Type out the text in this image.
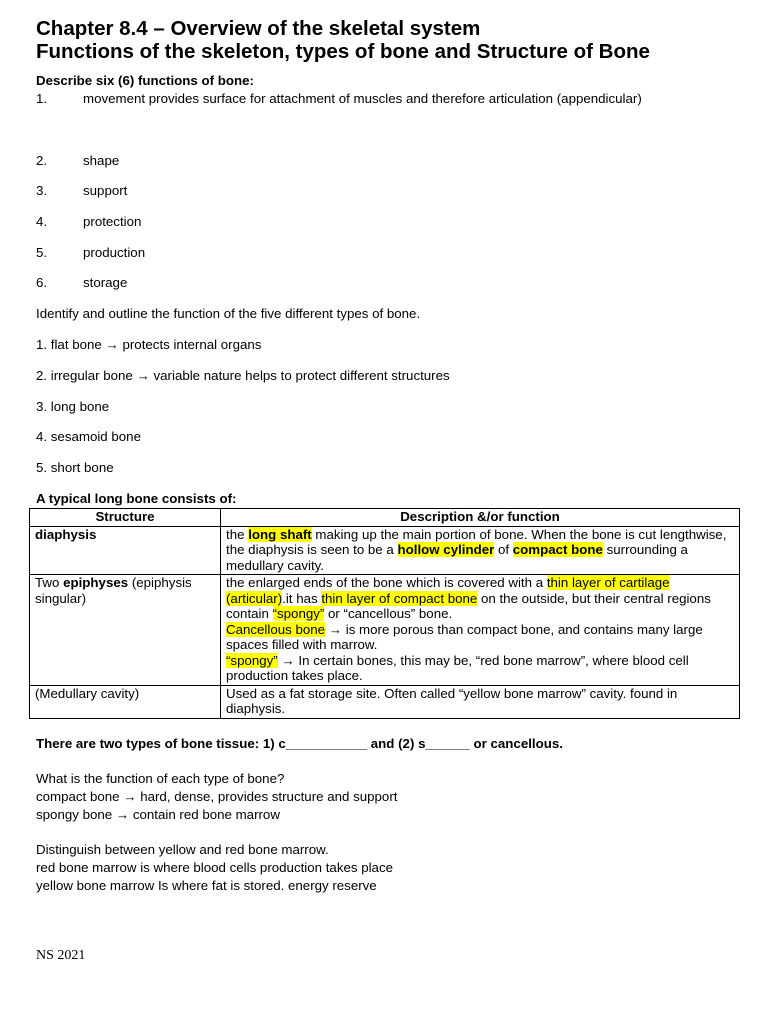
Chapter 8.4 – Overview of the skeletal system
Functions of the skeleton, types of bone and Structure of Bone
Describe six (6) functions of bone:
1.	movement provides surface for attachment of muscles and therefore articulation (appendicular)
2.	shape
3.	support
4.	protection
5.	production
6.	storage
Identify and outline the function of the five different types of bone.
1. flat bone → protects internal organs
2. irregular bone → variable nature helps to protect different structures
3. long bone
4. sesamoid bone
5. short bone
A typical long bone consists of:
Structure	Description &/or function
diaphysis	the long shaft making up the main portion of bone. When the bone is cut lengthwise, the diaphysis is seen to be a hollow cylinder of compact bone surrounding a medullary cavity.
Two epiphyses (epiphysis singular)	the enlarged ends of the bone which is covered with a thin layer of cartilage (articular).it has thin layer of compact bone on the outside, but their central regions contain “spongy” or “cancellous” bone.
Cancellous bone → is more porous than compact bone, and contains many large spaces filled with marrow.
“spongy” → In certain bones, this may be, “red bone marrow”, where blood cell production takes place.

(Medullary cavity)	Used as a fat storage site. Often called “yellow bone marrow” cavity. found in diaphysis.
There are two types of bone tissue: 1) c___________ and (2) s______ or cancellous.
What is the function of each type of bone?
compact bone → hard, dense, provides structure and support
spongy bone → contain red bone marrow
Distinguish between yellow and red bone marrow.
red bone marrow is where blood cells production takes place
yellow bone marrow Is where fat is stored. energy reserve
NS 2021
